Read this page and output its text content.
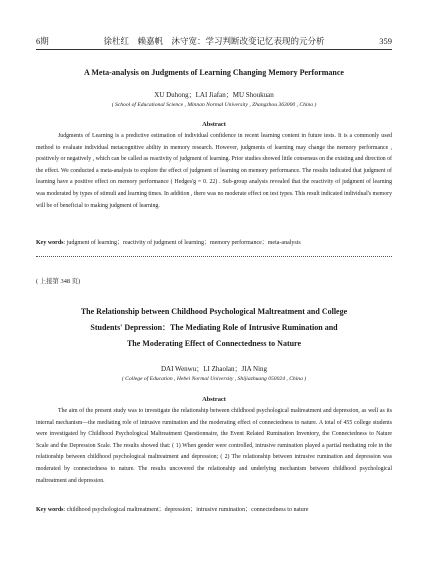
6期	徐杜红　赖嘉帆　沐守宽：学习判断改变记忆表现的元分析	359
A Meta-analysis on Judgments of Learning Changing Memory Performance
XU Duhong；LAI Jiafan；MU Shoukuan
( School of Educational Science , Minnan Normal University , Zhangzhou 363000 , China )
Abstract

Judgments of Learning is a predictive estimation of individual confidence in recent learning content in future tests. It is a commonly used method to evaluate individual metacognitive ability in memory research. However, judgments of learning may change the memory performance , positively or negatively , which can be called as reactivity of judgment of learning. Prior studies showed little consensus on the existing and direction of the effect. We conducted a meta-analysis to explore the effect of judgment of learning on memory performance. The results indicated that judgment of learning have a positive effect on memory performance ( Hedges'g = 0. 22) . Sub-group analysis revealed that the reactivity of judgment of learning was moderated by types of stimuli and learning times. In addition , there was no moderate effect on test types. This result indicated individual's memory will be of beneficial to making judgment of learning.

Key words: judgment of learning；reactivity of judgment of learning；memory performance；meta-analysis
( 上接第 348 页)
The Relationship between Childhood Psychological Maltreatment and College
Students' Depression：The Mediating Role of Intrusive Rumination and
The Moderating Effect of Connectedness to Nature
DAI Wenwu；LI Zhaolan；JIA Ning
( College of Education , Hebei Normal University , Shijiazhuang 050024 , China )
Abstract

The aim of the present study was to investigate the relationship between childhood psychological maltreatment and depression, as well as its internal mechanism—the mediating role of intrusive rumination and the moderating effect of connectedness to nature. A total of 455 college students were investigated by Childhood Psychological Maltreatment Questionnaire, the Event Related Rumination Inventory, the Connectedness to Nature Scale and the Depression Scale. The results showed that: ( 1) When gender were controlled, intrusive rumination played a partial mediating role in the relationship between childhood psychological maltreatment and depression; ( 2) The relationship between intrusive rumination and depression was moderated by connectedness to nature. The results uncovered the relationship and underlying mechanism between childhood psychological maltreatment and depression.

Key words: childhood psychological maltreatment；depression；intrusive rumination；connectedness to nature
